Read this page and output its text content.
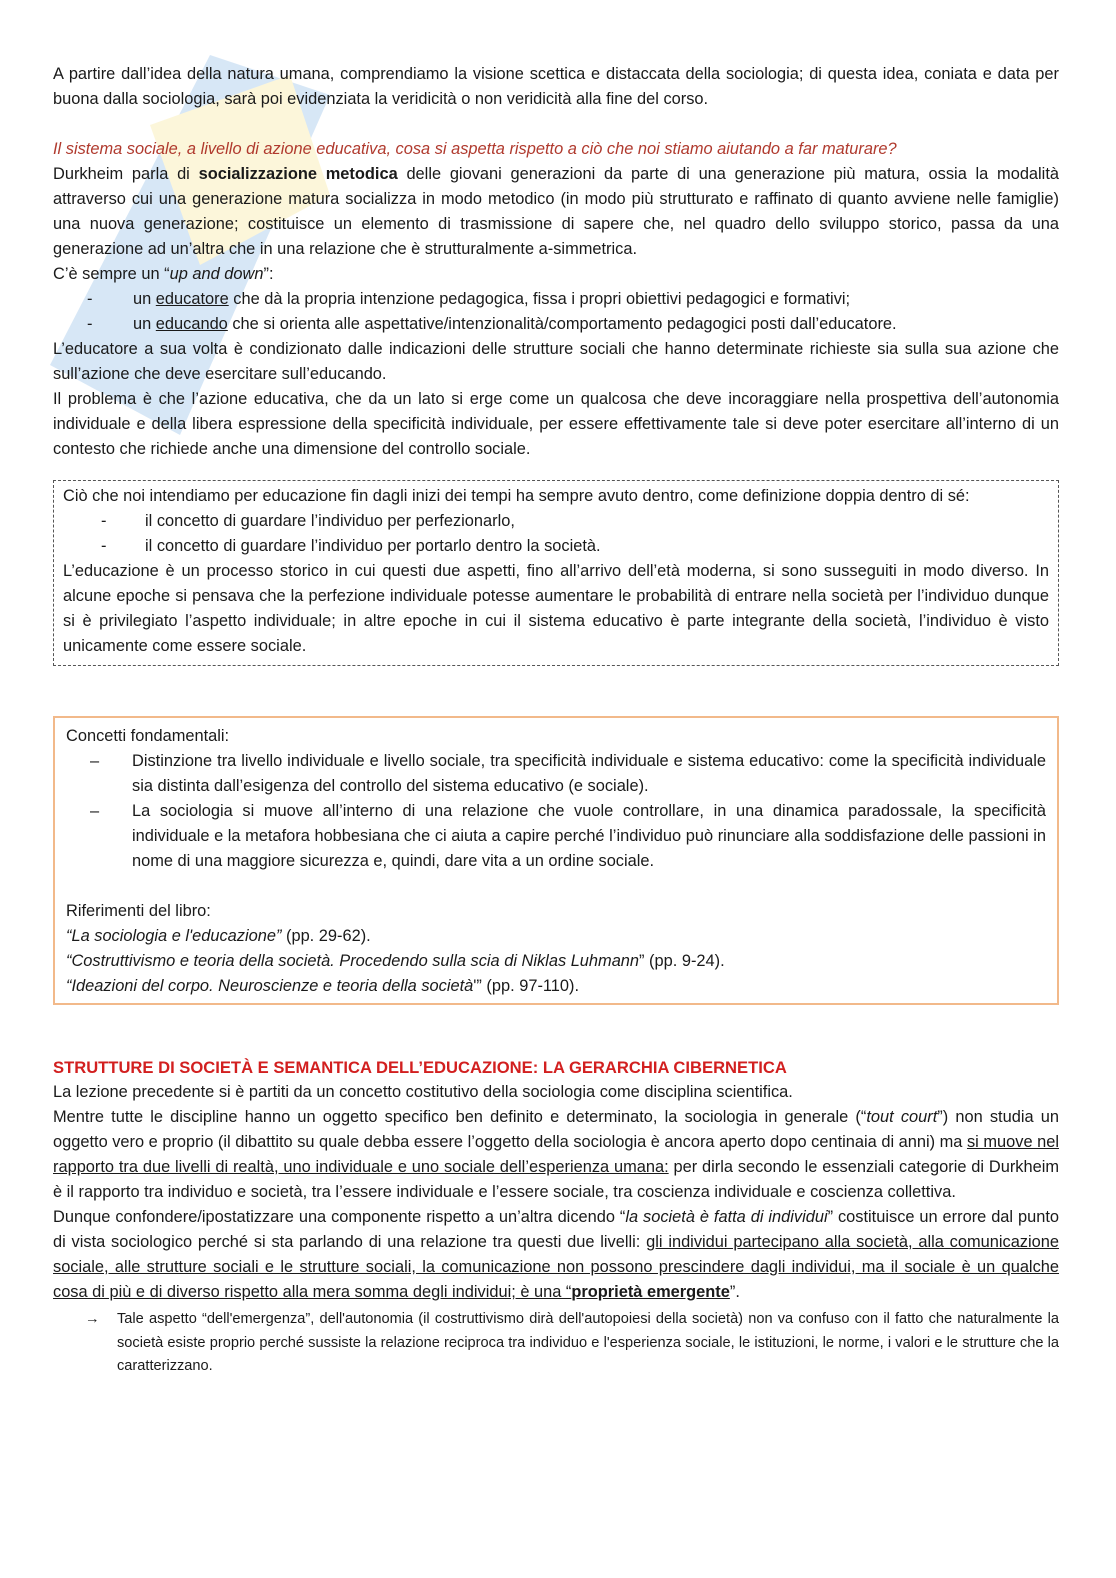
A partire dall’idea della natura umana, comprendiamo la visione scettica e distaccata della sociologia; di questa idea, coniata e data per buona dalla sociologia, sarà poi evidenziata la veridicità o non veridicità alla fine del corso.

Il sistema sociale, a livello di azione educativa, cosa si aspetta rispetto a ciò che noi stiamo aiutando a far maturare?

Durkheim parla di socializzazione metodica delle giovani generazioni da parte di una generazione più matura, ossia la modalità attraverso cui una generazione matura socializza in modo metodico (in modo più strutturato e raffinato di quanto avviene nelle famiglie) una nuova generazione; costituisce un elemento di trasmissione di sapere che, nel quadro dello sviluppo storico, passa da una generazione ad un’altra che in una relazione che è strutturalmente a-simmetrica.

C’è sempre un “up and down”:

- un educatore che dà la propria intenzione pedagogica, fissa i propri obiettivi pedagogici e formativi;
- un educando che si orienta alle aspettative/intenzionalità/comportamento pedagogici posti dall’educatore.

L’educatore a sua volta è condizionato dalle indicazioni delle strutture sociali che hanno determinate richieste sia sulla sua azione che sull’azione che deve esercitare sull’educando.

Il problema è che l’azione educativa, che da un lato si erge come un qualcosa che deve incoraggiare nella prospettiva dell’autonomia individuale e della libera espressione della specificità individuale, per essere effettivamente tale si deve poter esercitare all’interno di un contesto che richiede anche una dimensione del controllo sociale.

Ciò che noi intendiamo per educazione fin dagli inizi dei tempi ha sempre avuto dentro, come definizione doppia dentro di sé:

- il concetto di guardare l’individuo per perfezionarlo,
- il concetto di guardare l’individuo per portarlo dentro la società.

L’educazione è un processo storico in cui questi due aspetti, fino all’arrivo dell’età moderna, si sono susseguiti in modo diverso. In alcune epoche si pensava che la perfezione individuale potesse aumentare le probabilità di entrare nella società per l’individuo dunque si è privilegiato l’aspetto individuale; in altre epoche in cui il sistema educativo è parte integrante della società, l’individuo è visto unicamente come essere sociale.

Concetti fondamentali:

– Distinzione tra livello individuale e livello sociale, tra specificità individuale e sistema educativo: come la specificità individuale sia distinta dall’esigenza del controllo del sistema educativo (e sociale).
– La sociologia si muove all’interno di una relazione che vuole controllare, in una dinamica paradossale, la specificità individuale e la metafora hobbesiana che ci aiuta a capire perché l’individuo può rinunciare alla soddisfazione delle passioni in nome di una maggiore sicurezza e, quindi, dare vita a un ordine sociale.

Riferimenti del libro:

“La sociologia e l'educazione” (pp. 29-62).

“Costruttivismo e teoria della società. Procedendo sulla scia di Niklas Luhmann” (pp. 9-24).

“Ideazioni del corpo. Neuroscienze e teoria della società'” (pp. 97-110).

STRUTTURE DI SOCIETÀ E SEMANTICA DELL’EDUCAZIONE: LA GERARCHIA CIBERNETICA

La lezione precedente si è partiti da un concetto costitutivo della sociologia come disciplina scientifica.

Mentre tutte le discipline hanno un oggetto specifico ben definito e determinato, la sociologia in generale (“tout court”) non studia un oggetto vero e proprio (il dibattito su quale debba essere l’oggetto della sociologia è ancora aperto dopo centinaia di anni) ma si muove nel rapporto tra due livelli di realtà, uno individuale e uno sociale dell’esperienza umana: per dirla secondo le essenziali categorie di Durkheim è il rapporto tra individuo e società, tra l’essere individuale e l’essere sociale, tra coscienza individuale e coscienza collettiva.

Dunque confondere/ipostatizzare una componente rispetto a un’altra dicendo “la società è fatta di individui” costituisce un errore dal punto di vista sociologico perché si sta parlando di una relazione tra questi due livelli: gli individui partecipano alla società, alla comunicazione sociale, alle strutture sociali e le strutture sociali, la comunicazione non possono prescindere dagli individui, ma il sociale è un qualche cosa di più e di diverso rispetto alla mera somma degli individui; è una “proprietà emergente”.

→ Tale aspetto “dell'emergenza”, dell'autonomia (il costruttivismo dirà dell'autopoiesi della società) non va confuso con il fatto che naturalmente la società esiste proprio perché sussiste la relazione reciproca tra individuo e l'esperienza sociale, le istituzioni, le norme, i valori e le strutture che la caratterizzano.
